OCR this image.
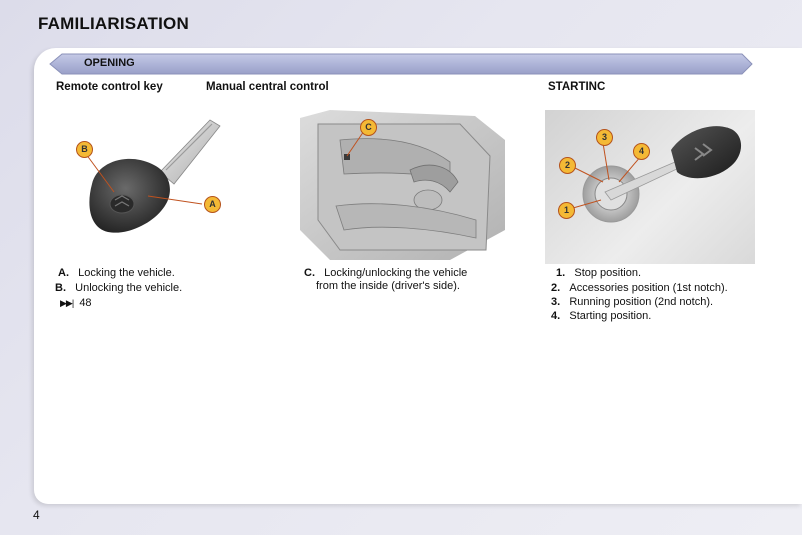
FAMILIARISATION
OPENING
Remote control key	Manual central control	STARTINC
B
A
C
3
4
2
1
A. Locking the vehicle.
B. Unlocking the vehicle.
▶▶| 48
C. Locking/unlocking the vehicle
from the inside (driver's side).
1. Stop position.
2. Accessories position (1st notch).
3. Running position (2nd notch).
4. Starting position.
4
